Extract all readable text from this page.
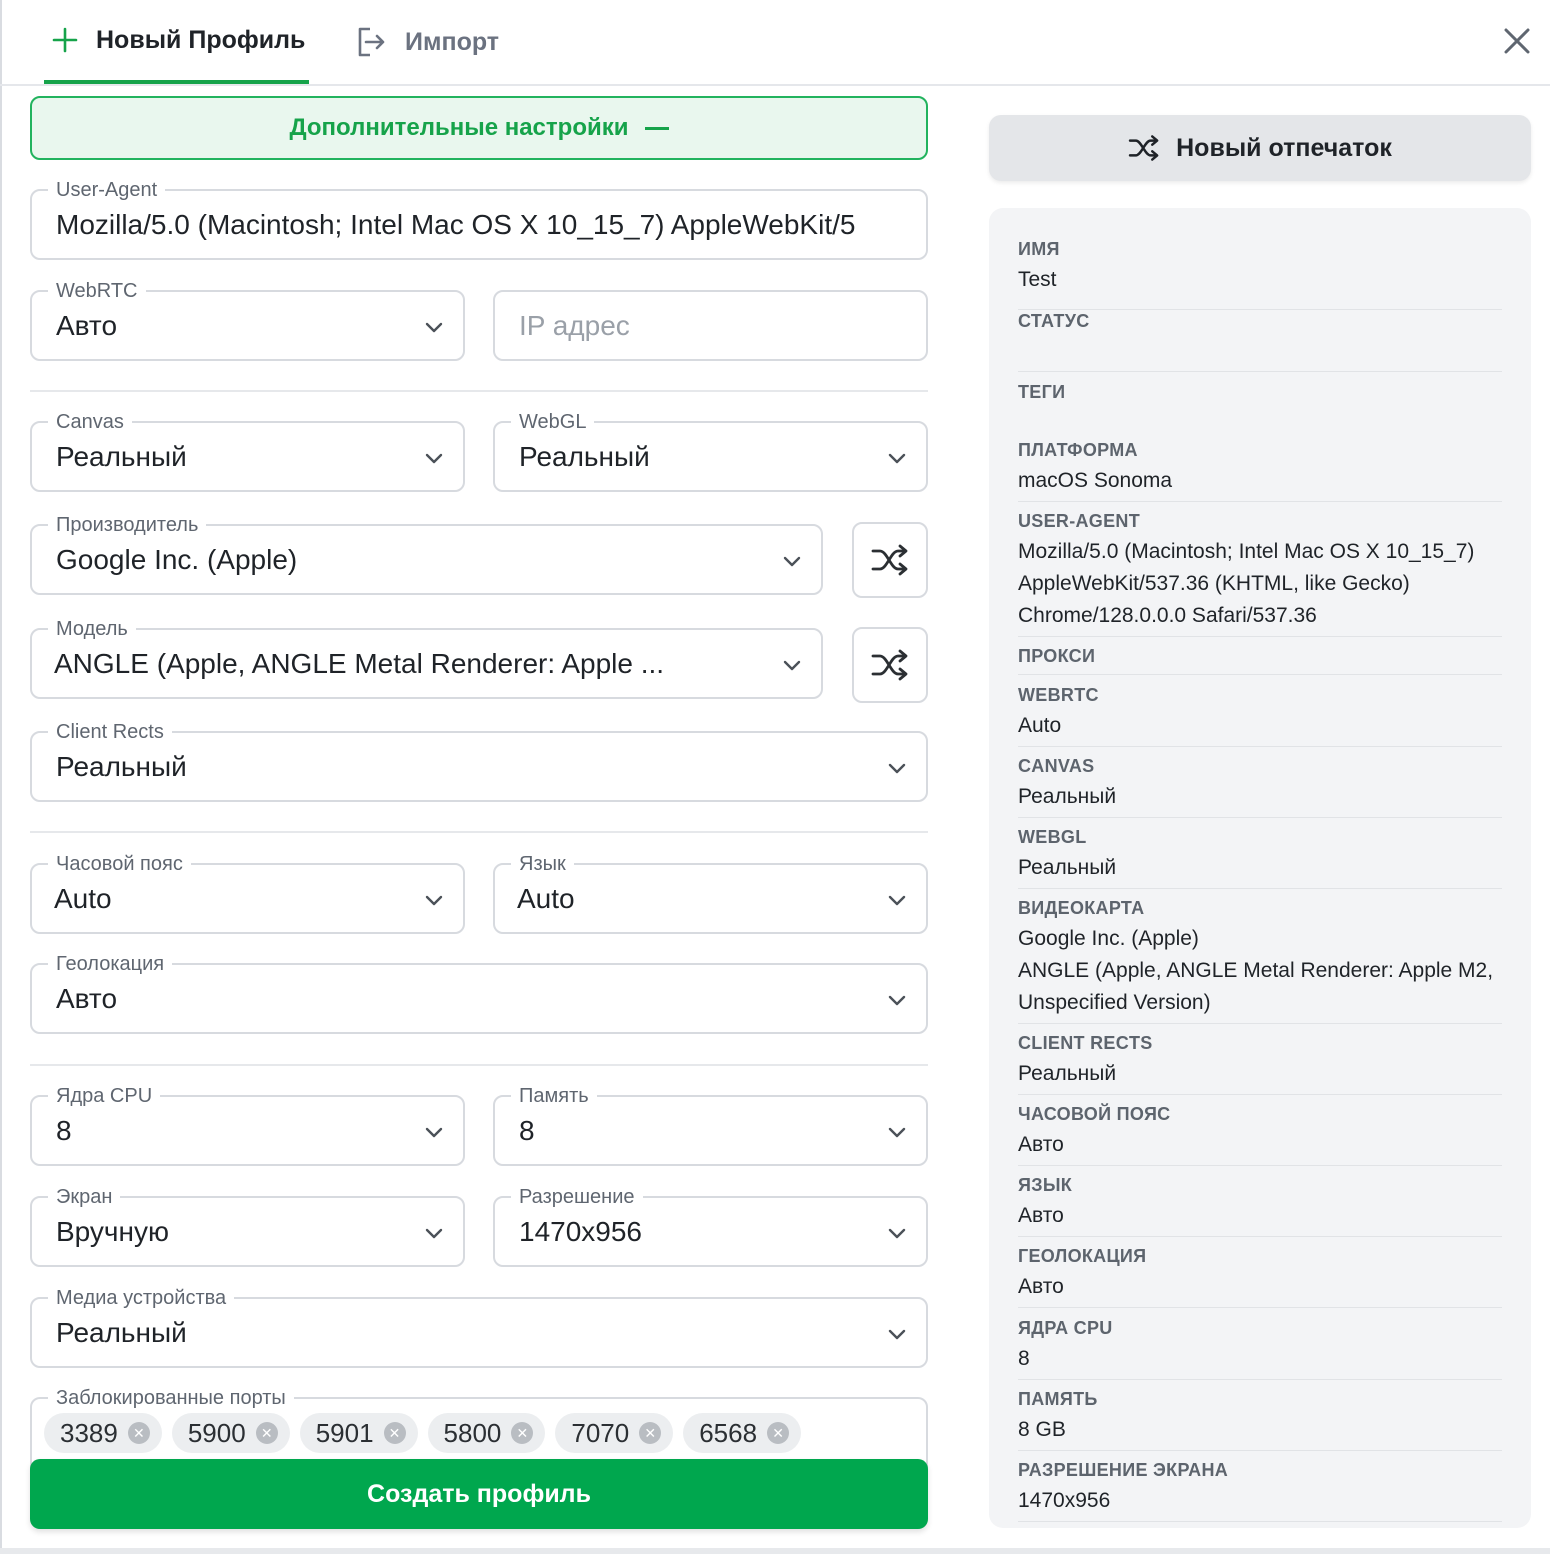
Новый Профиль	Импорт
Дополнительные настройки
User-Agent
Mozilla/5.0 (Macintosh; Intel Mac OS X 10_15_7) AppleWebKit/5
WebRTC
Авто	IP адрес
Canvas
Реальный
WebGL
Реальный
Производитель
Google Inc. (Apple)
Модель
ANGLE (Apple, ANGLE Metal Renderer: Apple ...
Client Rects
Реальный
Часовой пояс
Auto
Язык
Auto
Геолокация
Авто
Ядра CPU
8
Память
8
Экран
Вручную
Разрешение
1470x956
Медиа устройства
Реальный
Заблокированные порты
3389	✕ 5900	✕ 5901	✕ 5800	✕ 7070	✕ 6568	✕
Создать профиль
Новый отпечаток
ИМЯ
Test
СТАТУС
ТЕГИ
ПЛАТФОРМА
macOS Sonoma
USER-AGENT
Mozilla/5.0 (Macintosh; Intel Mac OS X 10_15_7) AppleWebKit/537.36 (KHTML, like Gecko) Chrome/128.0.0.0 Safari/537.36
ПРОКСИ
WEBRTC
Auto
CANVAS
Реальный
WEBGL
Реальный
ВИДЕОКАРТА
Google Inc. (Apple)
ANGLE (Apple, ANGLE Metal Renderer: Apple M2, Unspecified Version)
CLIENT RECTS
Реальный
ЧАСОВОЙ ПОЯС
Авто
ЯЗЫК
Авто
ГЕОЛОКАЦИЯ
Авто
ЯДРА CPU
8
ПАМЯТЬ
8 GB
РАЗРЕШЕНИЕ ЭКРАНА
1470x956
